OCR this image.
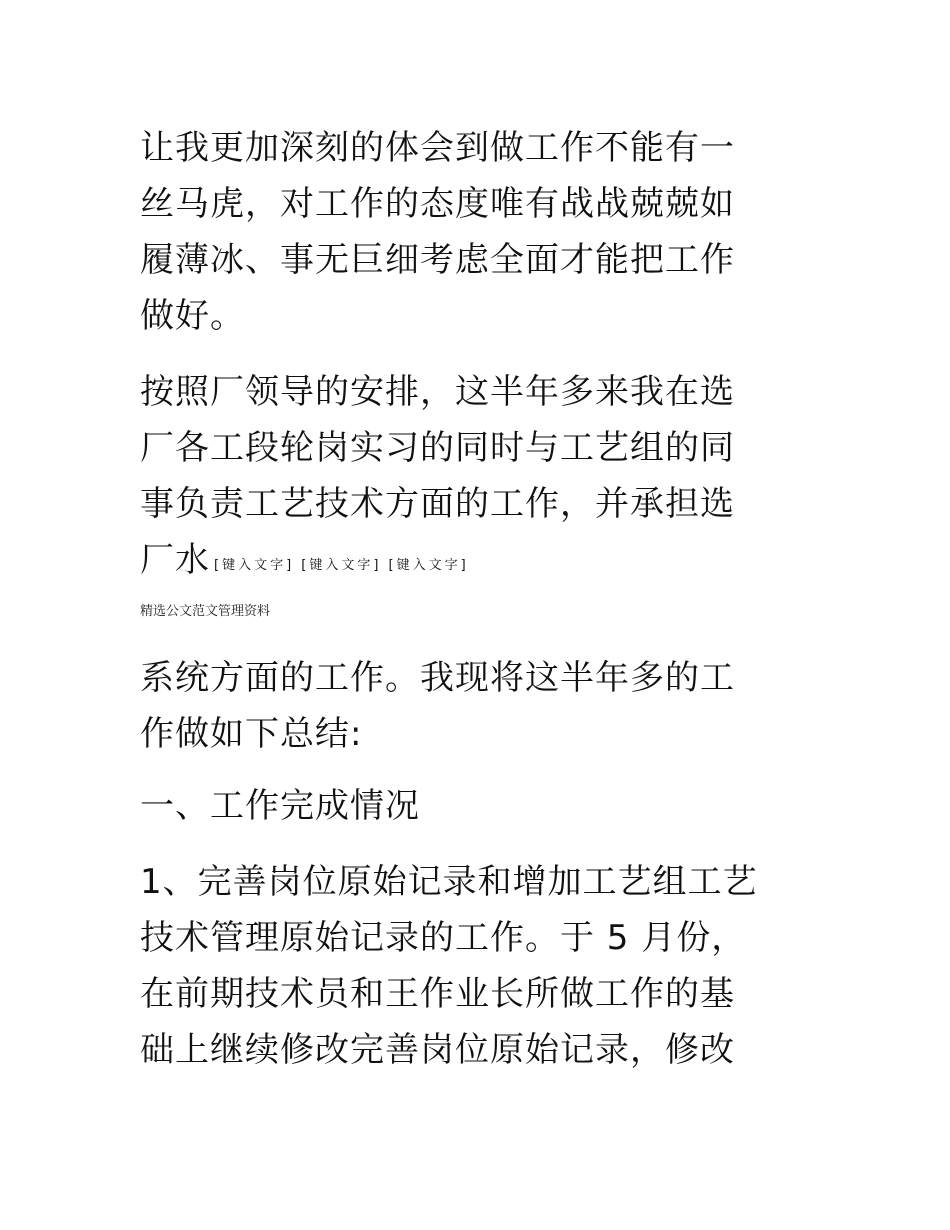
让我更加深刻的体会到做工作不能有一
丝马虎，对工作的态度唯有战战兢兢如
履薄冰、事无巨细考虑全面才能把工作
做好。
按照厂领导的安排，这半年多来我在选
厂各工段轮岗实习的同时与工艺组的同
事负责工艺技术方面的工作，并承担选
厂水 [键入文字] [键入文字] [键入文字]
精选公文范文管理资料
系统方面的工作。我现将这半年多的工
作做如下总结:
一、工作完成情况
1、完善岗位原始记录和增加工艺组工艺
技术管理原始记录的工作。于 5 月份，
在前期技术员和王作业长所做工作的基
础上继续修改完善岗位原始记录，修改
